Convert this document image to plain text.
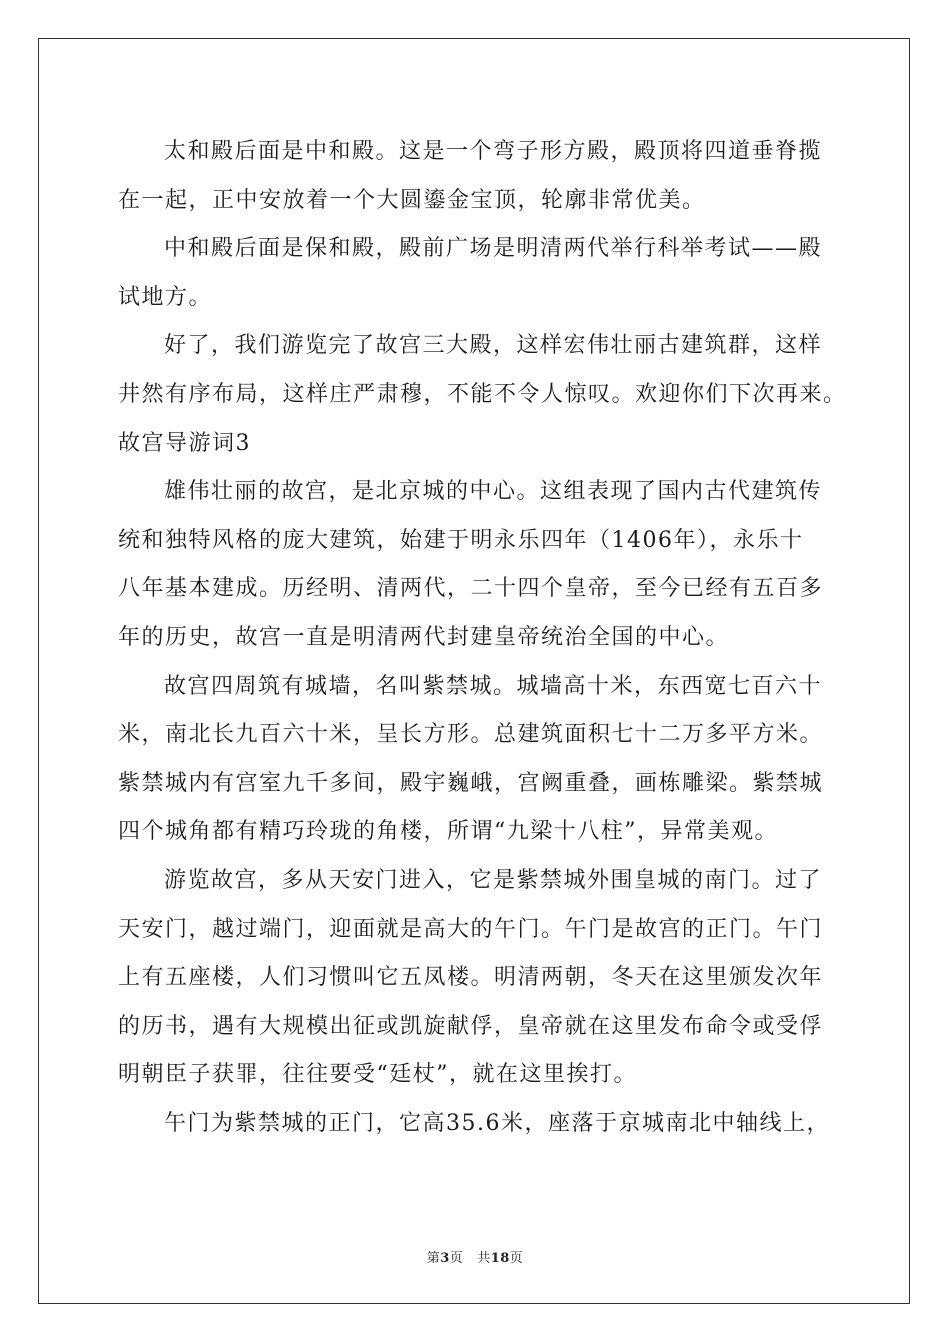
太和殿后面是中和殿。这是一个弯子形方殿，殿顶将四道垂脊揽
在一起，正中安放着一个大圆鎏金宝顶，轮廓非常优美。
中和殿后面是保和殿，殿前广场是明清两代举行科举考试——殿
试地方。
好了，我们游览完了故宫三大殿，这样宏伟壮丽古建筑群，这样
井然有序布局，这样庄严肃穆，不能不令人惊叹。欢迎你们下次再来。
故宫导游词3
雄伟壮丽的故宫，是北京城的中心。这组表现了国内古代建筑传
统和独特风格的庞大建筑，始建于明永乐四年（1406年），永乐十
八年基本建成。历经明、清两代，二十四个皇帝，至今已经有五百多
年的历史，故宫一直是明清两代封建皇帝统治全国的中心。
故宫四周筑有城墙，名叫紫禁城。城墙高十米，东西宽七百六十
米，南北长九百六十米，呈长方形。总建筑面积七十二万多平方米。
紫禁城内有宫室九千多间，殿宇巍峨，宫阙重叠，画栋雕梁。紫禁城
四个城角都有精巧玲珑的角楼，所谓“九梁十八柱”，异常美观。
游览故宫，多从天安门进入，它是紫禁城外围皇城的南门。过了
天安门，越过端门，迎面就是高大的午门。午门是故宫的正门。午门
上有五座楼，人们习惯叫它五凤楼。明清两朝，冬天在这里颁发次年
的历书，遇有大规模出征或凯旋献俘，皇帝就在这里发布命令或受俘
明朝臣子获罪，往往要受“廷杖”，就在这里挨打。
午门为紫禁城的正门，它高35.6米，座落于京城南北中轴线上，
第3页 共18页
